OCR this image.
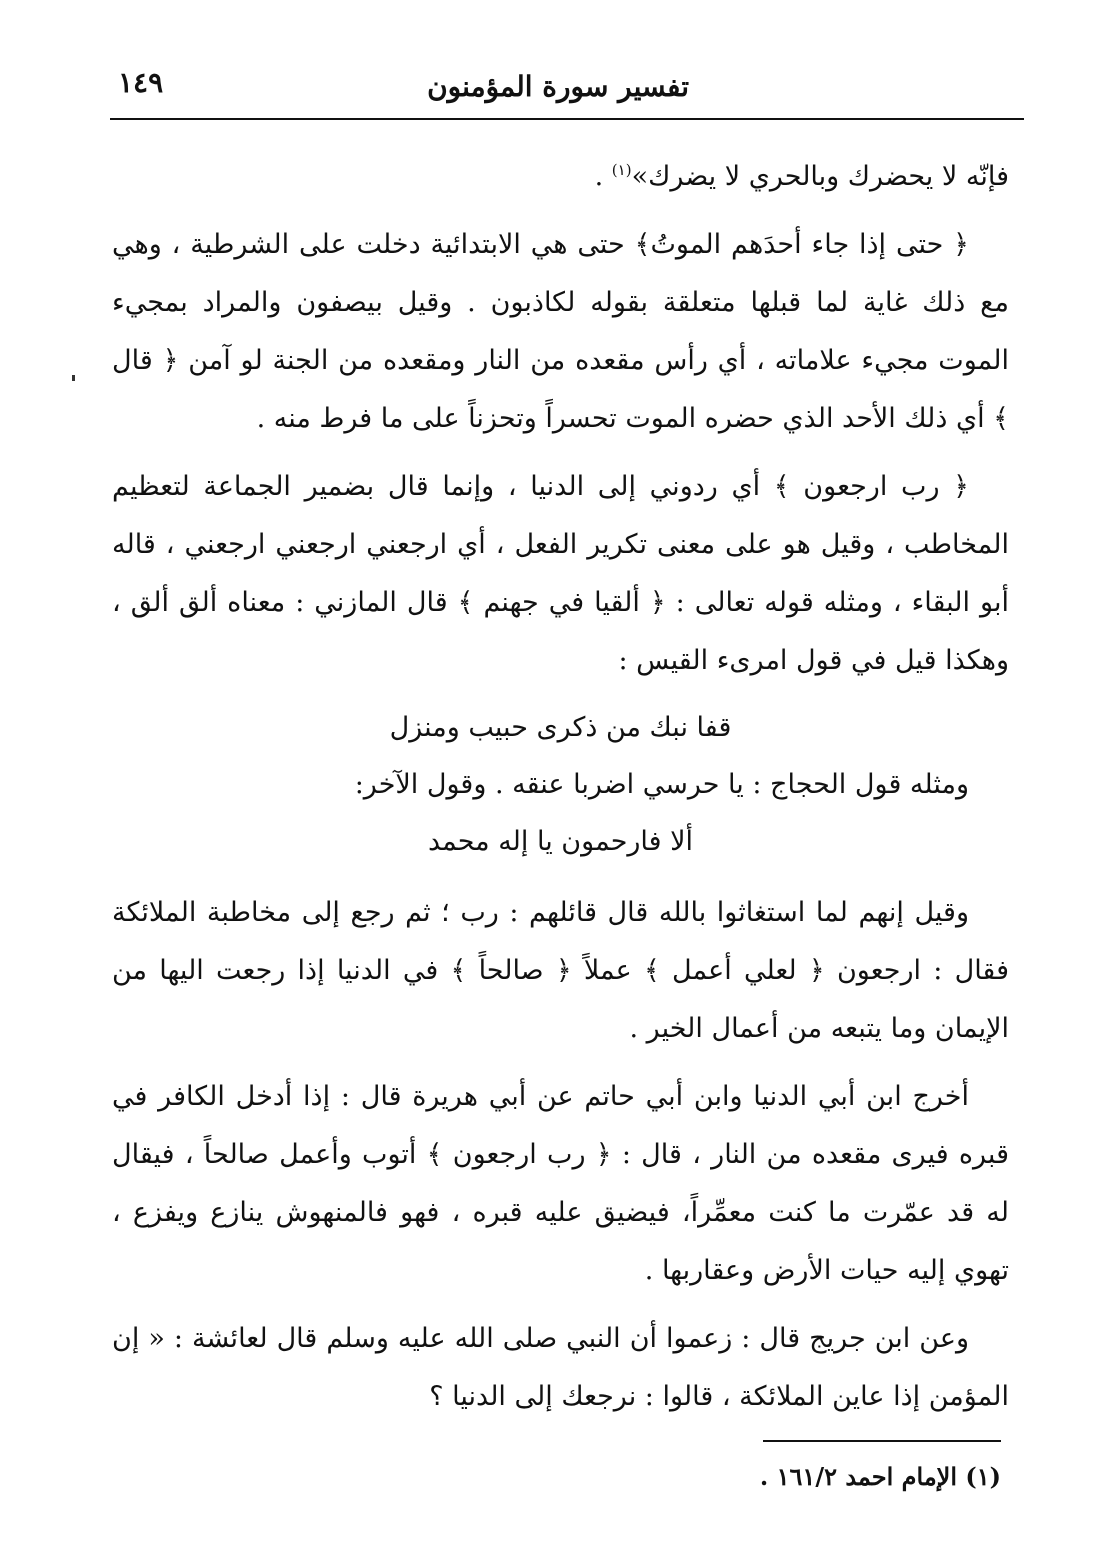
تفسير سورة المؤمنون
١٤٩

فإنّه لا يحضرك وبالحري لا يضرك»$^{(١)}$ .

﴿ حتى إذا جاء أحدَهم الموتُ﴾ حتى هي الابتدائية دخلت على الشرطية ، وهي مع ذلك غاية لما قبلها متعلقة بقوله لكاذبون . وقيل بيصفون والمراد بمجيء الموت مجيء علاماته ، أي رأس مقعده من النار ومقعده من الجنة لو آمن ﴿ قال ﴾ أي ذلك الأحد الذي حضره الموت تحسراً وتحزناً على ما فرط منه .

﴿ رب ارجعون ﴾ أي ردوني إلى الدنيا ، وإنما قال بضمير الجماعة لتعظيم المخاطب ، وقيل هو على معنى تكرير الفعل ، أي ارجعني ارجعني ارجعني ، قاله أبو البقاء ، ومثله قوله تعالى : ﴿ ألقيا في جهنم ﴾ قال المازني : معناه ألق ألق ، وهكذا قيل في قول امرىء القيس :

قفا نبك من ذكرى حبيب ومنزل

ومثله قول الحجاج : يا حرسي اضربا عنقه . وقول الآخر:

ألا فارحمون يا إله محمد

وقيل إنهم لما استغاثوا بالله قال قائلهم : رب ؛ ثم رجع إلى مخاطبة الملائكة فقال : ارجعون ﴿ لعلي أعمل ﴾ عملاً ﴿ صالحاً ﴾ في الدنيا إذا رجعت اليها من الإيمان وما يتبعه من أعمال الخير .

أخرج ابن أبي الدنيا وابن أبي حاتم عن أبي هريرة قال : إذا أدخل الكافر في قبره فيرى مقعده من النار ، قال : ﴿ رب ارجعون ﴾ أتوب وأعمل صالحاً ، فيقال له قد عمّرت ما كنت معمِّراً، فيضيق عليه قبره ، فهو فالمنهوش ينازع ويفزع ، تهوي إليه حيات الأرض وعقاربها .

وعن ابن جريج قال : زعموا أن النبي صلى الله عليه وسلم قال لعائشة : « إن المؤمن إذا عاين الملائكة ، قالوا : نرجعك إلى الدنيا ؟

(١) الإمام احمد ١٦١/٢ .
